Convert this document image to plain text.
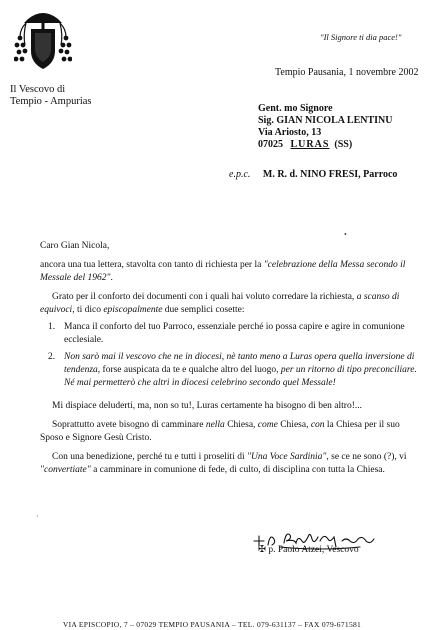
Il Vescovo di
Tempio - Ampurias
"Il Signore ti dia pace!"
Tempio Pausania, 1 novembre 2002
Gent. mo Signore
Sig. GIAN NICOLA LENTINU
Via Ariosto, 13
07025 LURAS (SS)
e.p.c. M. R. d. NINO FRESI, Parroco
•

Caro Gian Nicola,

ancora una tua lettera, stavolta con tanto di richiesta per la "celebrazione della Messa secondo il Messale del 1962".

Grato per il conforto dei documenti con i quali hai voluto corredare la richiesta, a scanso di equivoci, ti dico episcopalmente due semplici cosette:

1. Manca il conforto del tuo Parroco, essenziale perché io possa capire e agire in comunione ecclesiale.
2. Non sarò mai il vescovo che ne in diocesi, nè tanto meno a Luras opera quella inversione di tendenza, forse auspicata da te e qualche altro del luogo, per un ritorno di tipo preconciliare. Né mai permetterò che altri in diocesi celebrino secondo quel Messale!

Mi dispiace deluderti, ma, non so tu!, Luras certamente ha bisogno di ben altro!...

Soprattutto avete bisogno di camminare nella Chiesa, come Chiesa, con la Chiesa per il suo Sposo e Signore Gesù Cristo.

Con una benedizione, perché tu e tutti i proseliti di "Una Voce Sardinia", se ce ne sono (?), vi "convertiate" a camminare in comunione di fede, di culto, di disciplina con tutta la Chiesa.

·
✠ p. Paolo Atzei, Vescovo
VIA EPISCOPIO, 7 – 07029 TEMPIO PAUSANIA – TEL. 079-631137 – FAX 079-671581
